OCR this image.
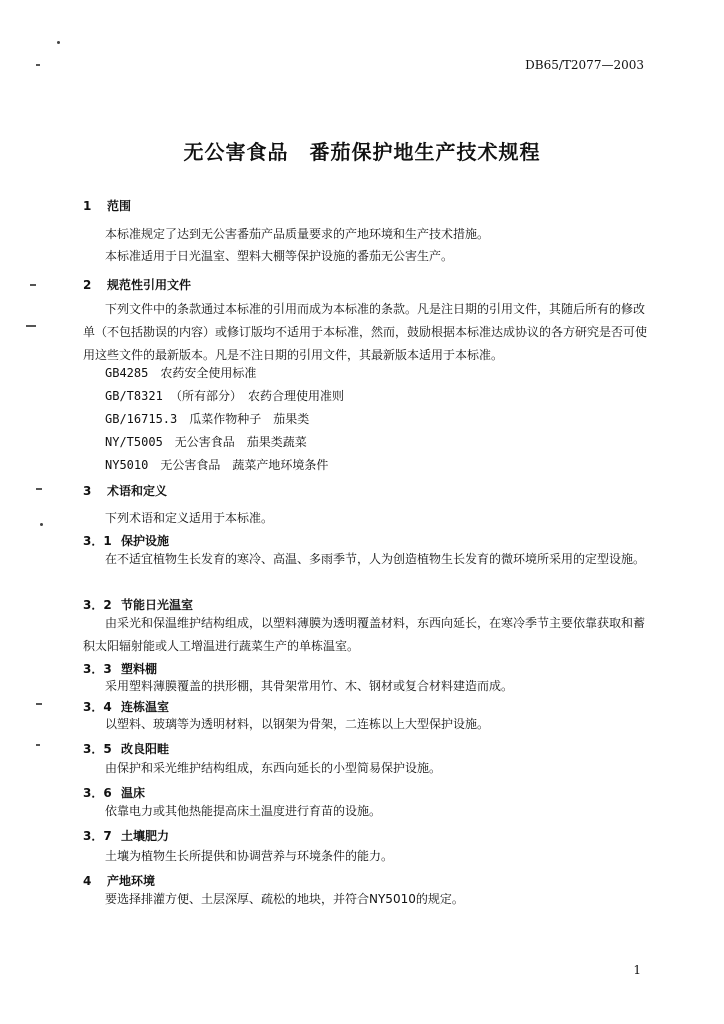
DB65/T2077—2003
无公害食品　番茄保护地生产技术规程
1 范围
本标准规定了达到无公害番茄产品质量要求的产地环境和生产技术措施。
本标准适用于日光温室、塑料大棚等保护设施的番茄无公害生产。
2 规范性引用文件
下列文件中的条款通过本标准的引用而成为本标准的条款。凡是注日期的引用文件，其随后所有的修改单（不包括勘误的内容）或修订版均不适用于本标准，然而，鼓励根据本标准达成协议的各方研究是否可使用这些文件的最新版本。凡是不注日期的引用文件，其最新版本适用于本标准。
GB4285　农药安全使用标准
GB/T8321 （所有部分）　农药合理使用准则
GB/16715.3　瓜菜作物种子　茄果类
NY/T5005　无公害食品　茄果类蔬菜
NY5010　无公害食品　蔬菜产地环境条件
3 术语和定义
下列术语和定义适用于本标准。
3．1 保护设施
在不适宜植物生长发育的寒冷、高温、多雨季节，人为创造植物生长发育的微环境所采用的定型设施。
3．2 节能日光温室
由采光和保温维护结构组成，以塑料薄膜为透明覆盖材料，东西向延长，在寒冷季节主要依靠获取和蓄积太阳辐射能或人工增温进行蔬菜生产的单栋温室。
3．3 塑料棚
采用塑料薄膜覆盖的拱形棚，其骨架常用竹、木、钢材或复合材料建造而成。
3．4 连栋温室
以塑料、玻璃等为透明材料，以钢架为骨架，二连栋以上大型保护设施。
3．5 改良阳畦
由保护和采光维护结构组成，东西向延长的小型简易保护设施。
3．6 温床
依靠电力或其他热能提高床土温度进行育苗的设施。
3．7 土壤肥力
土壤为植物生长所提供和协调营养与环境条件的能力。
4 产地环境
要选择排灌方便、土层深厚、疏松的地块，并符合NY5010的规定。
1
